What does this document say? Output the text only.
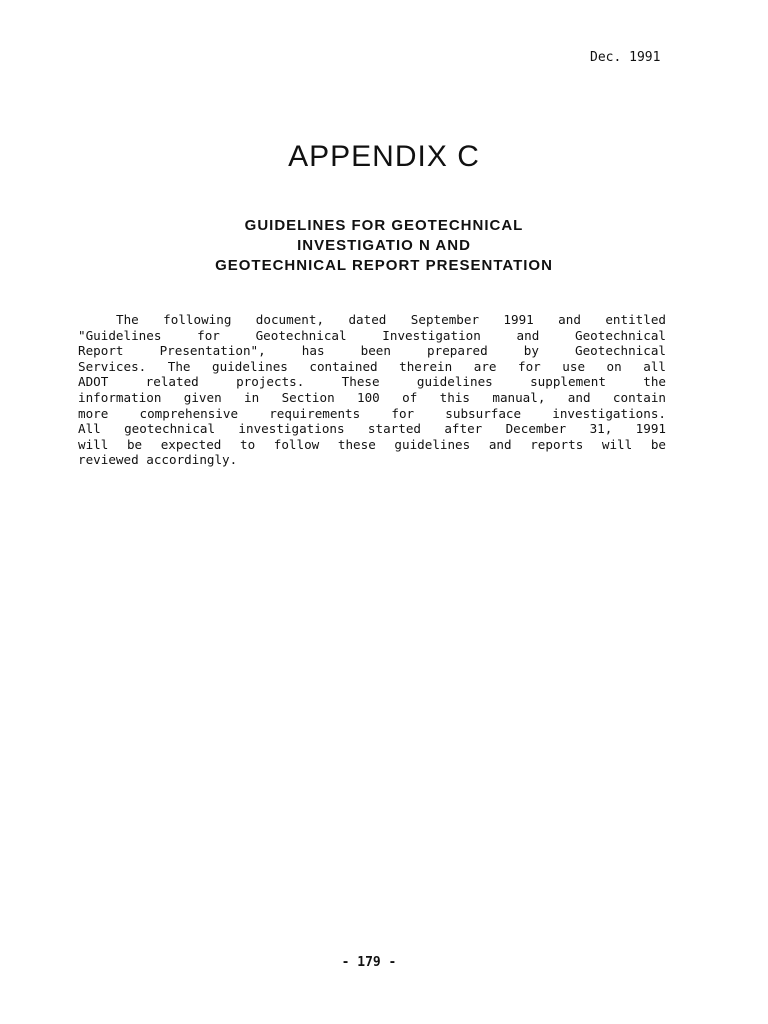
Dec. 1991
APPENDIX C
GUIDELINES FOR GEOTECHNICAL
INVESTIGATIO N AND
GEOTECHNICAL REPORT PRESENTATION
The following document, dated September 1991 and entitled
"Guidelines for Geotechnical Investigation and Geotechnical
Report Presentation", has been prepared by Geotechnical
Services. The guidelines contained therein are for use on all
ADOT related projects. These guidelines supplement the
information given in Section 100 of this manual, and contain
more comprehensive requirements for subsurface investigations.
All geotechnical investigations started after December 31, 1991
will be expected to follow these guidelines and reports will be
reviewed accordingly.
- 179 -
